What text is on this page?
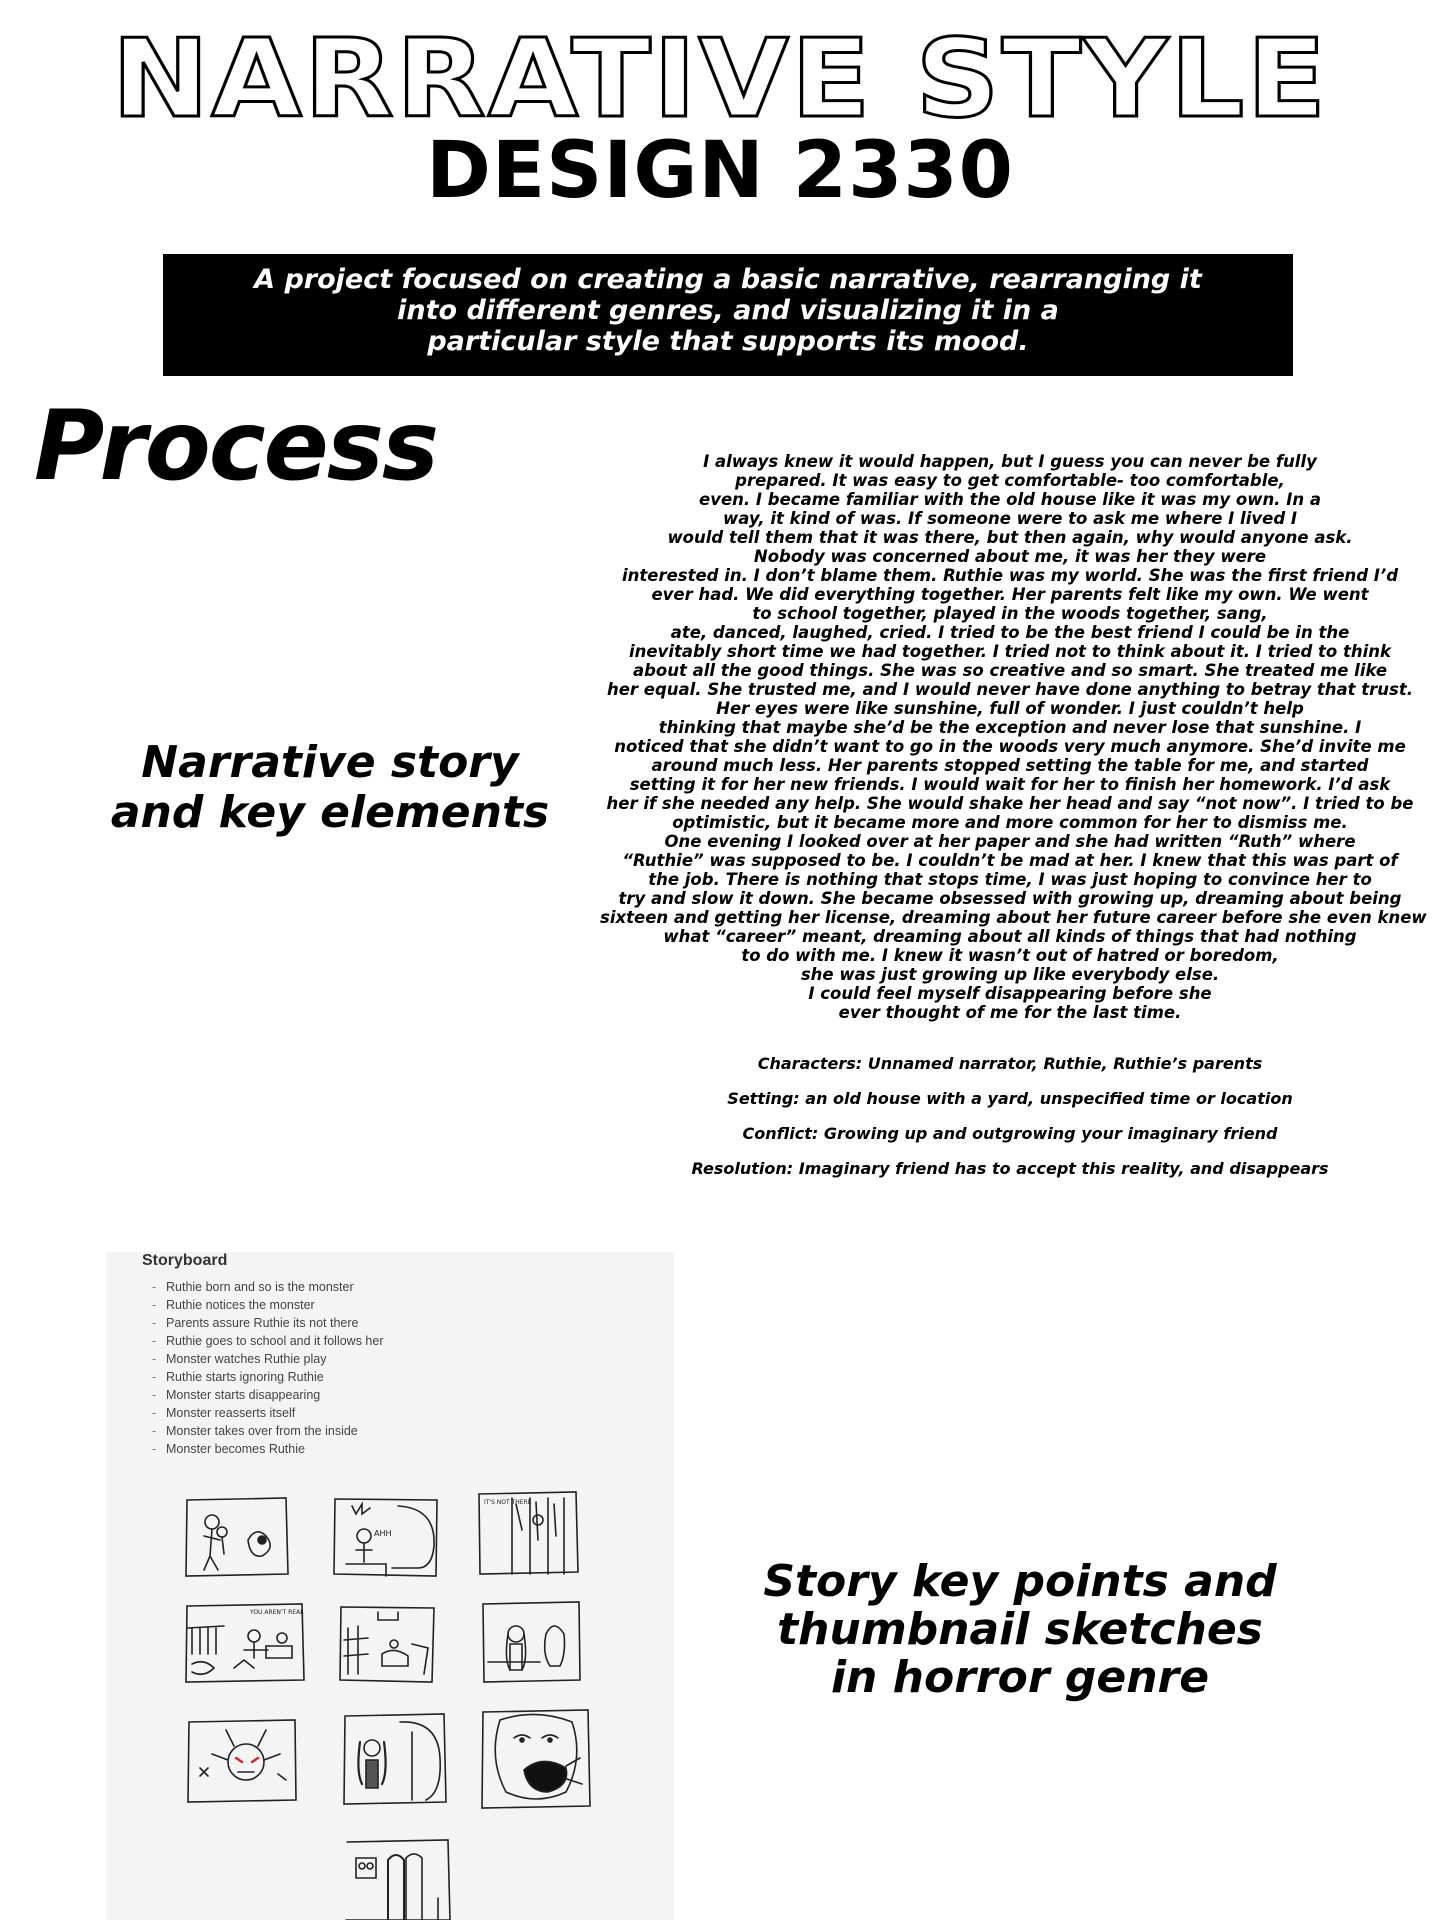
NARRATIVE STYLE
DESIGN 2330
A project focused on creating a basic narrative, rearranging it
into different genres, and visualizing it in a
particular style that supports its mood.
Process
Narrative story
and key elements
I always knew it would happen, but I guess you can never be fully
prepared. It was easy to get comfortable- too comfortable,
even. I became familiar with the old house like it was my own. In a
way, it kind of was. If someone were to ask me where I lived I
would tell them that it was there, but then again, why would anyone ask.
Nobody was concerned about me, it was her they were
interested in. I don’t blame them. Ruthie was my world. She was the first friend I’d
ever had. We did everything together. Her parents felt like my own. We went
to school together, played in the woods together, sang,
ate, danced, laughed, cried. I tried to be the best friend I could be in the
inevitably short time we had together. I tried not to think about it. I tried to think
about all the good things. She was so creative and so smart. She treated me like
her equal. She trusted me, and I would never have done anything to betray that trust.
Her eyes were like sunshine, full of wonder. I just couldn’t help
thinking that maybe she’d be the exception and never lose that sunshine. I
noticed that she didn’t want to go in the woods very much anymore. She’d invite me
around much less. Her parents stopped setting the table for me, and started
setting it for her new friends. I would wait for her to finish her homework. I’d ask
her if she needed any help. She would shake her head and say “not now”. I tried to be
optimistic, but it became more and more common for her to dismiss me.
One evening I looked over at her paper and she had written “Ruth” where
“Ruthie” was supposed to be. I couldn’t be mad at her. I knew that this was part of
the job. There is nothing that stops time, I was just hoping to convince her to
try and slow it down. She became obsessed with growing up, dreaming about being
sixteen and getting her license, dreaming about her future career before she even knew
what “career” meant, dreaming about all kinds of things that had nothing
to do with me. I knew it wasn’t out of hatred or boredom,
she was just growing up like everybody else.
I could feel myself disappearing before she
ever thought of me for the last time.
Characters: Unnamed narrator, Ruthie, Ruthie’s parents
Setting: an old house with a yard, unspecified time or location
Conflict: Growing up and outgrowing your imaginary friend
Resolution: Imaginary friend has to accept this reality, and disappears
Storyboard
- Ruthie born and so is the monster
- Ruthie notices the monster
- Parents assure Ruthie its not there
- Ruthie goes to school and it follows her
- Monster watches Ruthie play
- Ruthie starts ignoring Ruthie
- Monster starts disappearing
- Monster reasserts itself
- Monster takes over from the inside
- Monster becomes Ruthie
AHH
IT'S NOT THERE
YOU AREN'T REAL
Story key points and
thumbnail sketches
in horror genre
